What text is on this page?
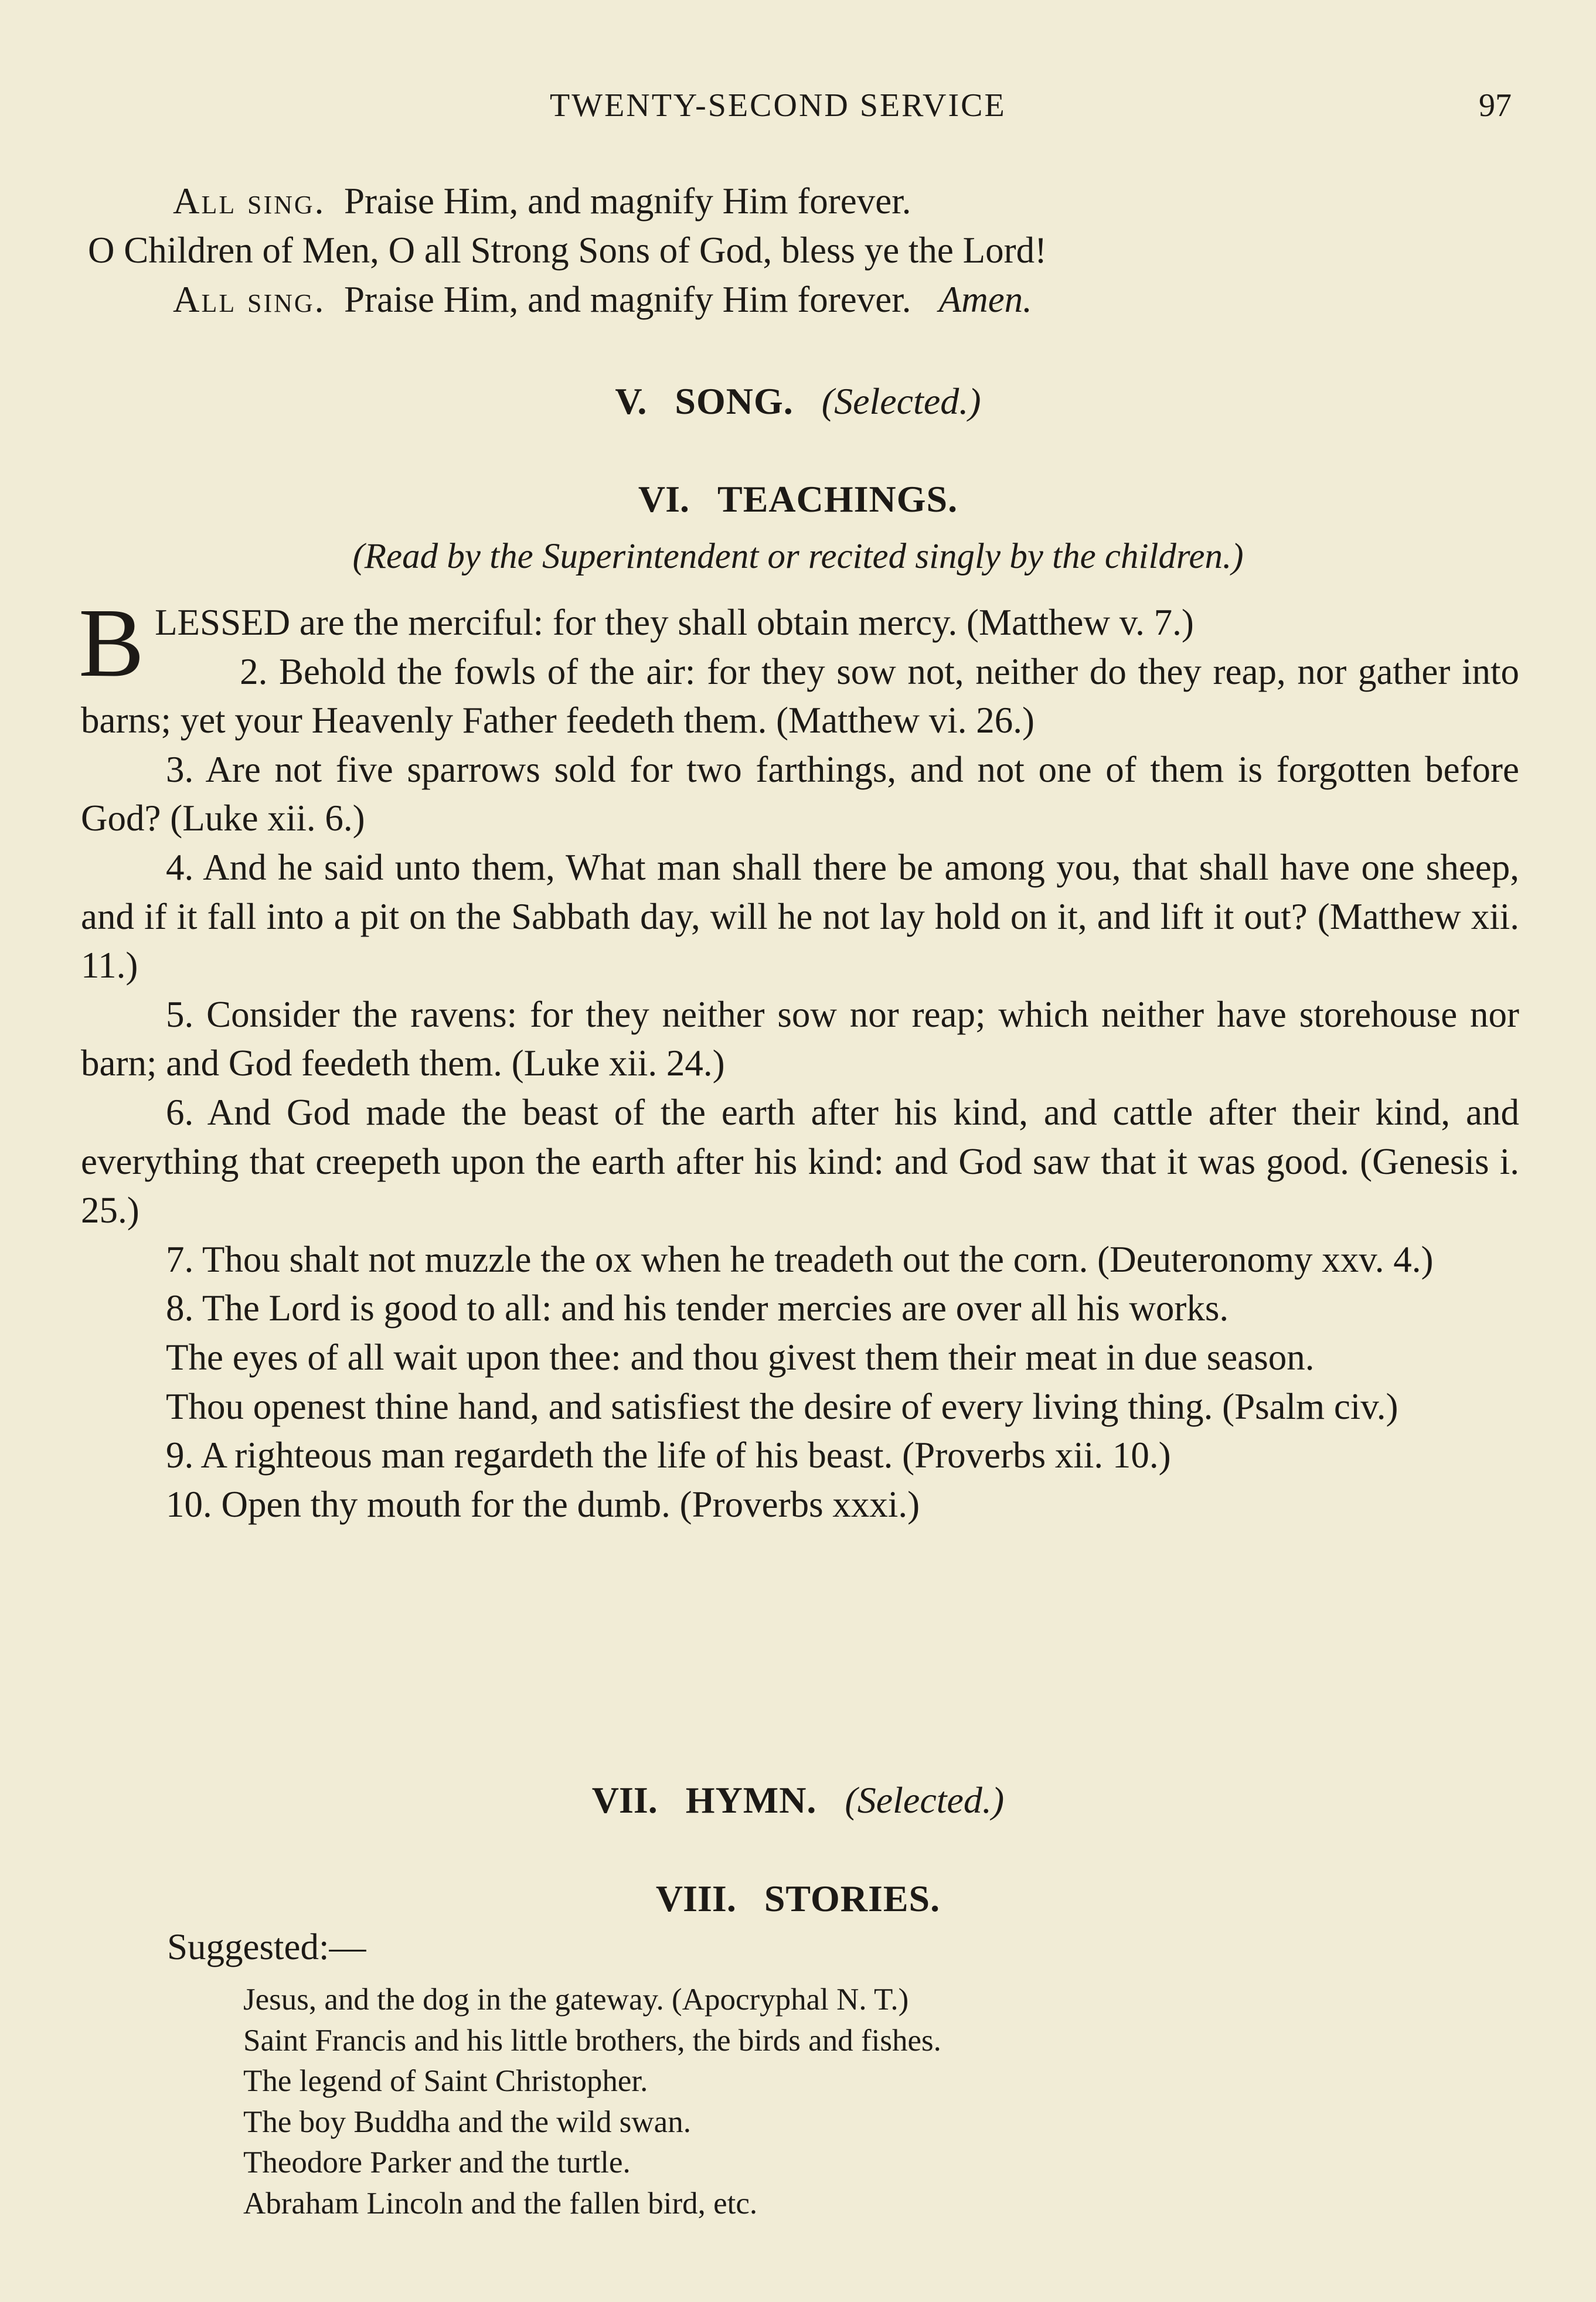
TWENTY-SECOND SERVICE	97
All sing. Praise Him, and magnify Him forever.
O Children of Men, O all Strong Sons of God, bless ye the Lord!
All sing. Praise Him, and magnify Him forever. Amen.
V. SONG. (Selected.)
VI. TEACHINGS.
(Read by the Superintendent or recited singly by the children.)

BLESSED are the merciful: for they shall obtain mercy. (Matthew v. 7.)

2. Behold the fowls of the air: for they sow not, neither do they reap, nor gather into barns; yet your Heavenly Father feedeth them. (Matthew vi. 26.)

3. Are not five sparrows sold for two farthings, and not one of them is forgotten before God? (Luke xii. 6.)

4. And he said unto them, What man shall there be among you, that shall have one sheep, and if it fall into a pit on the Sabbath day, will he not lay hold on it, and lift it out? (Matthew xii. 11.)

5. Consider the ravens: for they neither sow nor reap; which neither have storehouse nor barn; and God feedeth them. (Luke xii. 24.)

6. And God made the beast of the earth after his kind, and cattle after their kind, and everything that creepeth upon the earth after his kind: and God saw that it was good. (Genesis i. 25.)

7. Thou shalt not muzzle the ox when he treadeth out the corn. (Deuteronomy xxv. 4.)

8. The Lord is good to all: and his tender mercies are over all his works.

The eyes of all wait upon thee: and thou givest them their meat in due season.

Thou openest thine hand, and satisfiest the desire of every living thing. (Psalm civ.)

9. A righteous man regardeth the life of his beast. (Proverbs xii. 10.)

10. Open thy mouth for the dumb. (Proverbs xxxi.)

VII. HYMN. (Selected.)
VIII. STORIES.
Suggested:—
Jesus, and the dog in the gateway. (Apocryphal N. T.)
Saint Francis and his little brothers, the birds and fishes.
The legend of Saint Christopher.
The boy Buddha and the wild swan.
Theodore Parker and the turtle.
Abraham Lincoln and the fallen bird, etc.
